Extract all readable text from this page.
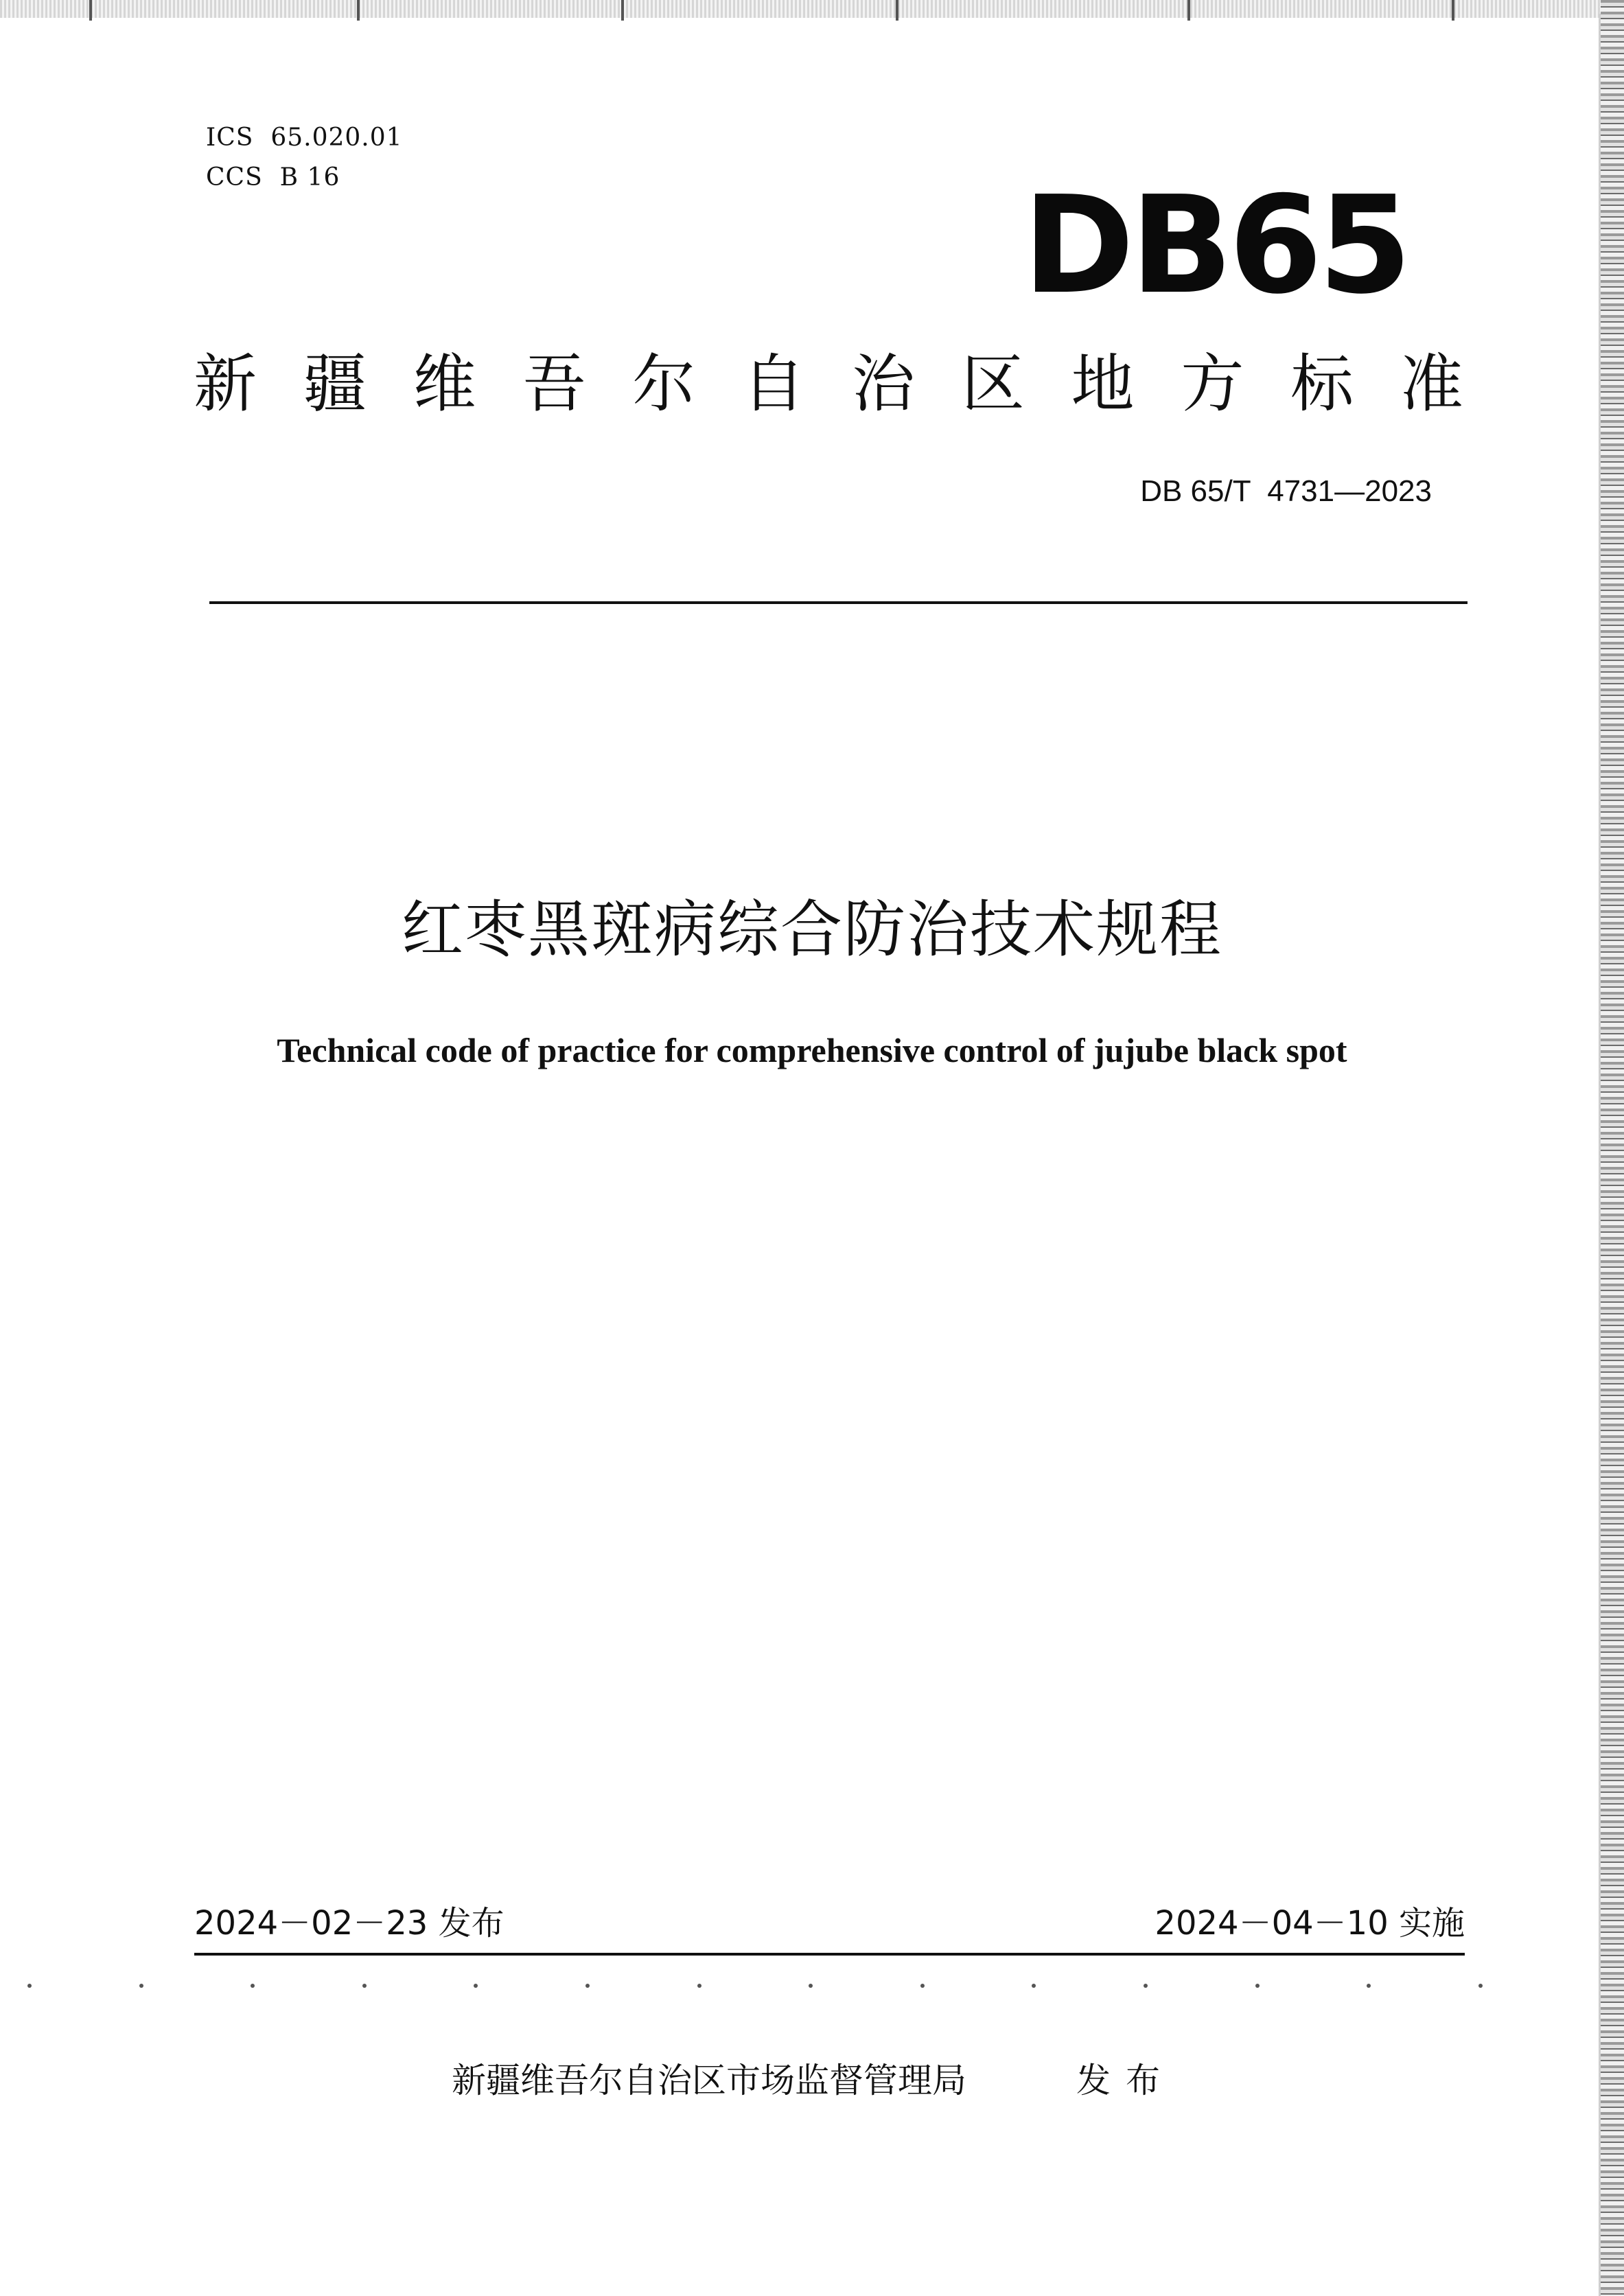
ICS  65.020.01
CCS  B 16	DB65
新 疆 维 吾 尔 自 治 区 地 方 标 准
DB 65/T  4731—2023
红枣黑斑病综合防治技术规程
Technical code of practice for comprehensive control of jujube black spot
2024－02－23 发布	2024－04－10 实施
新疆维吾尔自治区市场监督管理局	发布
